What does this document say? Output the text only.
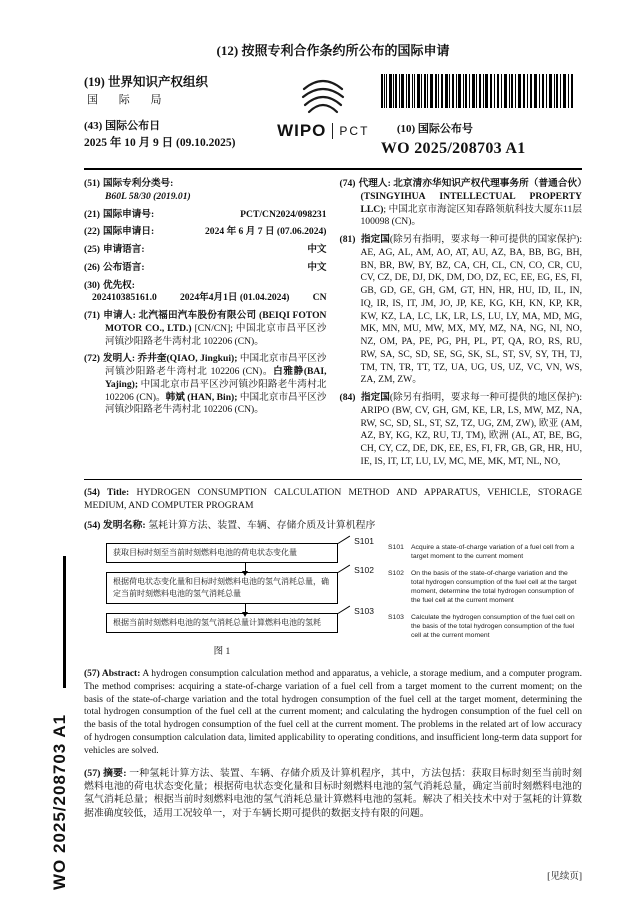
WO 2025/208703 A1

(12) 按照专利合作条约所公布的国际申请

(19) 世界知识产权组织

国 际 局

(43) 国际公布日

2025 年 10 月 9 日 (09.10.2025)

WIPO PCT	(10) 国际公布号

WO 2025/208703 A1

(51) 国际专利分类号:

B60L 58/30 (2019.01)

(21) 国际申请号:	PCT/CN2024/098231

(22) 国际申请日:	2024 年 6 月 7 日 (07.06.2024)

(25) 申请语言:	中文

(26) 公布语言:	中文

(30) 优先权:

202410385161.0 2024年4月1日 (01.04.2024) CN

(71) 申请人: 北汽福田汽车股份有限公司 (BEIQI FOTON MOTOR CO., LTD.) [CN/CN]; 中国北京市昌平区沙河镇沙阳路老牛湾村北 102206 (CN)。

(72) 发明人: 乔井奎(QIAO, Jingkui); 中国北京市昌平区沙河镇沙阳路老牛湾村北 102206 (CN)。白雅静(BAI, Yajing); 中国北京市昌平区沙河镇沙阳路老牛湾村北 102206 (CN)。韩斌 (HAN, Bin); 中国北京市昌平区沙河镇沙阳路老牛湾村北 102206 (CN)。

(74) 代理人: 北京清亦华知识产权代理事务所（普通合伙）(TSINGYIHUA INTELLECTUAL PROPERTY LLC); 中国北京市海淀区知春路领航科技大厦东11层 100098 (CN)。

(81) 指定国(除另有指明，要求每一种可提供的国家保护): AE, AG, AL, AM, AO, AT, AU, AZ, BA, BB, BG, BH, BN, BR, BW, BY, BZ, CA, CH, CL, CN, CO, CR, CU, CV, CZ, DE, DJ, DK, DM, DO, DZ, EC, EE, EG, ES, FI, GB, GD, GE, GH, GM, GT, HN, HR, HU, ID, IL, IN, IQ, IR, IS, IT, JM, JO, JP, KE, KG, KH, KN, KP, KR, KW, KZ, LA, LC, LK, LR, LS, LU, LY, MA, MD, MG, MK, MN, MU, MW, MX, MY, MZ, NA, NG, NI, NO, NZ, OM, PA, PE, PG, PH, PL, PT, QA, RO, RS, RU, RW, SA, SC, SD, SE, SG, SK, SL, ST, SV, SY, TH, TJ, TM, TN, TR, TT, TZ, UA, UG, US, UZ, VC, VN, WS, ZA, ZM, ZW。

(84) 指定国(除另有指明，要求每一种可提供的地区保护): ARIPO (BW, CV, GH, GM, KE, LR, LS, MW, MZ, NA, RW, SC, SD, SL, ST, SZ, TZ, UG, ZM, ZW), 欧亚 (AM, AZ, BY, KG, KZ, RU, TJ, TM), 欧洲 (AL, AT, BE, BG, CH, CY, CZ, DE, DK, EE, ES, FI, FR, GB, GR, HR, HU, IE, IS, IT, LT, LU, LV, MC, ME, MK, MT, NL, NO,

(54) Title: HYDROGEN CONSUMPTION CALCULATION METHOD AND APPARATUS, VEHICLE, STORAGE MEDIUM, AND COMPUTER PROGRAM

(54) 发明名称: 氢耗计算方法、装置、车辆、存储介质及计算机程序

获取目标时刻至当前时刻燃料电池的荷电状态变化量
S101
根据荷电状态变化量和目标时刻燃料电池的氢气消耗总量，确定当前时刻燃料电池的氢气消耗总量
S102
根据当前时刻燃料电池的氢气消耗总量计算燃料电池的氢耗
S103
图 1

S101	Acquire a state-of-charge variation of a fuel cell from a target moment to the current moment

S102	On the basis of the state-of-charge variation and the total hydrogen consumption of the fuel cell at the target moment, determine the total hydrogen consumption of the fuel cell at the current moment

S103	Calculate the hydrogen consumption of the fuel cell on the basis of the total hydrogen consumption of the fuel cell at the current moment

(57) Abstract: A hydrogen consumption calculation method and apparatus, a vehicle, a storage medium, and a computer program. The method comprises: acquiring a state-of-charge variation of a fuel cell from a target moment to the current moment; on the basis of the state-of-charge variation and the total hydrogen consumption of the fuel cell at the target moment, determining the total hydrogen consumption of the fuel cell at the current moment; and calculating the hydrogen consumption of the fuel cell on the basis of the total hydrogen consumption of the fuel cell at the current moment. The problems in the related art of low accuracy of hydrogen consumption calculation data, limited applicability to operating conditions, and insufficient long-term data support for vehicles are solved.

(57) 摘要: 一种氢耗计算方法、装置、车辆、存储介质及计算机程序，其中，方法包括：获取目标时刻至当前时刻燃料电池的荷电状态变化量；根据荷电状态变化量和目标时刻燃料电池的氢气消耗总量，确定当前时刻燃料电池的氢气消耗总量；根据当前时刻燃料电池的氢气消耗总量计算燃料电池的氢耗。解决了相关技术中对于氢耗的计算数据准确度较低，适用工况较单一，对于车辆长期可提供的数据支持有限的问题。

[见续页]
